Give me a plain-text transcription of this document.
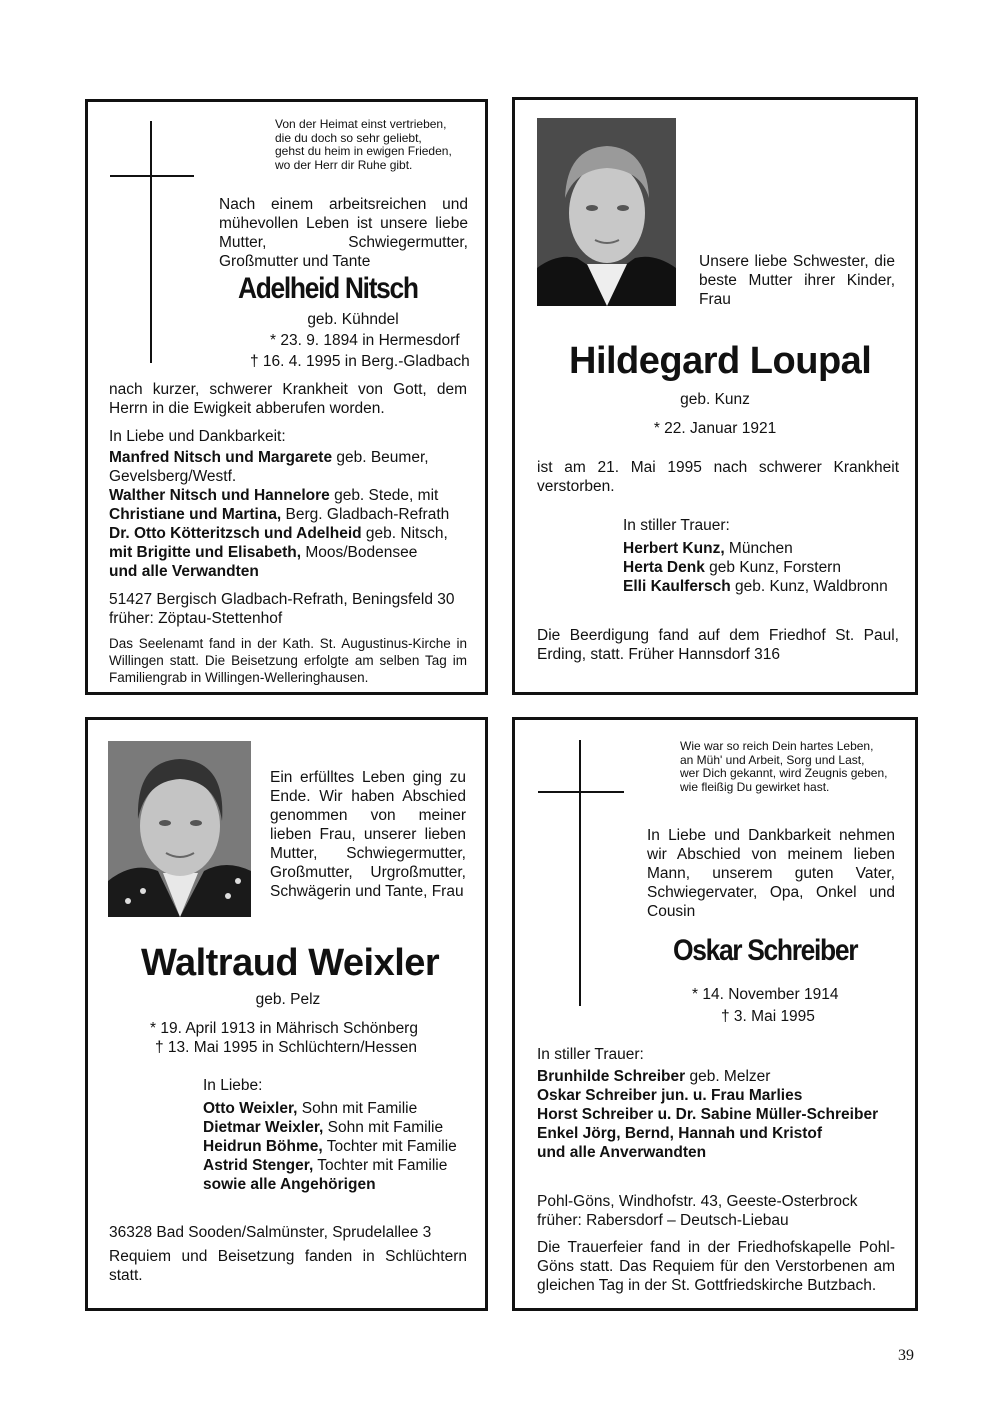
Von der Heimat einst vertrieben,
die du doch so sehr geliebt,
gehst du heim in ewigen Frieden,
wo der Herr dir Ruhe gibt.
Nach einem arbeitsreichen und mühevollen Leben ist unsere liebe Mutter, Schwiegermutter, Großmutter und Tante
Adelheid Nitsch
geb. Kühndel
* 23. 9. 1894 in Hermesdorf
† 16. 4. 1995 in Berg.-Gladbach
nach kurzer, schwerer Krankheit von Gott, dem Herrn in die Ewigkeit abberufen worden.
In Liebe und Dankbarkeit:
Manfred Nitsch und Margarete geb. Beumer, Gevelsberg/Westf.
Walther Nitsch und Hannelore geb. Stede, mit
Christiane und Martina, Berg. Gladbach-Refrath
Dr. Otto Kötteritzsch und Adelheid geb. Nitsch,
mit Brigitte und Elisabeth, Moos/Bodensee
und alle Verwandten
51427 Bergisch Gladbach-Refrath, Beningsfeld 30
früher: Zöptau-Stettenhof
Das Seelenamt fand in der Kath. St. Augustinus-Kirche in Willingen statt. Die Beisetzung erfolgte am selben Tag im Familiengrab in Willingen-Welleringhausen.
Unsere liebe Schwester, die beste Mutter ihrer Kinder, Frau
Hildegard Loupal
geb. Kunz
* 22. Januar 1921
ist am 21. Mai 1995 nach schwerer Krankheit verstorben.
In stiller Trauer:
Herbert Kunz, München
Herta Denk geb Kunz, Forstern
Elli Kaulfersch geb. Kunz, Waldbronn
Die Beerdigung fand auf dem Friedhof St. Paul, Erding, statt. Früher Hannsdorf 316
Ein erfülltes Leben ging zu Ende. Wir haben Abschied genommen von meiner lieben Frau, unserer lieben Mutter, Schwiegermutter, Großmutter, Urgroßmutter, Schwägerin und Tante, Frau
Waltraud Weixler
geb. Pelz
* 19. April 1913 in Mährisch Schönberg
† 13. Mai 1995 in Schlüchtern/Hessen
In Liebe:
Otto Weixler, Sohn mit Familie
Dietmar Weixler, Sohn mit Familie
Heidrun Böhme, Tochter mit Familie
Astrid Stenger, Tochter mit Familie
sowie alle Angehörigen
36328 Bad Sooden/Salmünster, Sprudelallee 3
Requiem und Beisetzung fanden in Schlüchtern statt.
Wie war so reich Dein hartes Leben,
an Müh' und Arbeit, Sorg und Last,
wer Dich gekannt, wird Zeugnis geben,
wie fleißig Du gewirket hast.
In Liebe und Dankbarkeit nehmen wir Abschied von meinem lieben Mann, unserem guten Vater, Schwiegervater, Opa, Onkel und Cousin
Oskar Schreiber
* 14. November 1914
† 3. Mai 1995
In stiller Trauer:
Brunhilde Schreiber geb. Melzer
Oskar Schreiber jun. u. Frau Marlies
Horst Schreiber u. Dr. Sabine Müller-Schreiber
Enkel Jörg, Bernd, Hannah und Kristof
und alle Anverwandten
Pohl-Göns, Windhofstr. 43, Geeste-Osterbrock
früher: Rabersdorf – Deutsch-Liebau
Die Trauerfeier fand in der Friedhofskapelle Pohl-Göns statt. Das Requiem für den Verstorbenen am gleichen Tag in der St. Gottfriedskirche Butzbach.
39
